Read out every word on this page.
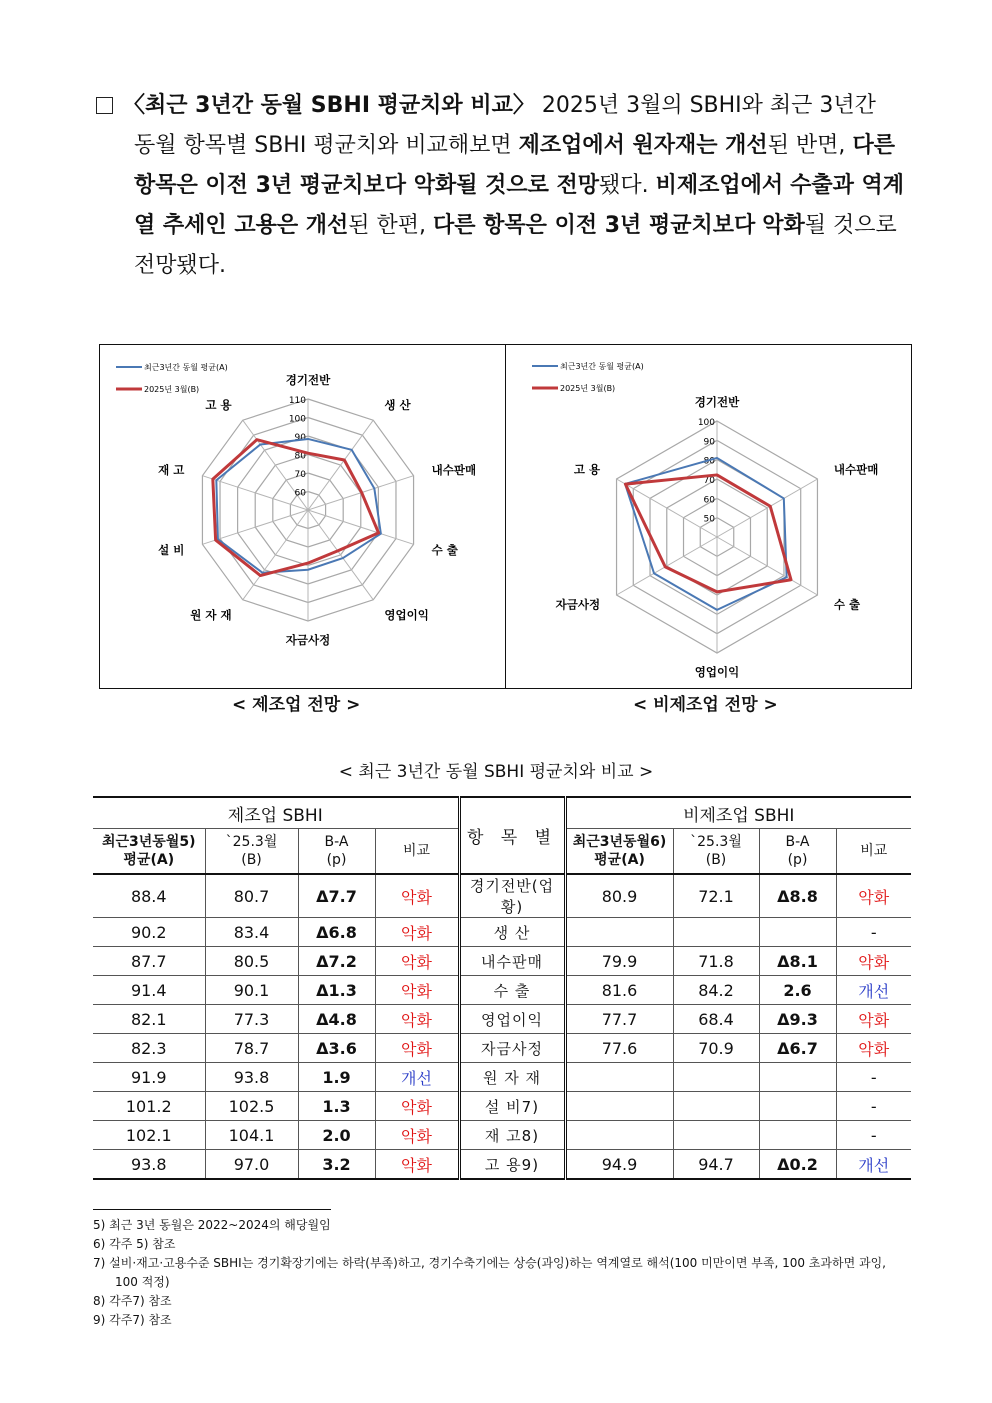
〈최근 3년간 동월 SBHI 평균치와 비교〉 2025년 3월의 SBHI와 최근 3년간
동월 항목별 SBHI 평균치와 비교해보면 제조업에서 원자재는 개선된 반면, 다른 항목은 이전 3년 평균치보다 악화될 것으로 전망됐다. 비제조업에서 수출과 역계열 추세인 고용은 개선된 한편, 다른 항목은 이전 3년 평균치보다 악화될 것으로 전망됐다.
60
70
80
90
100
110
경기전반
생 산
내수판매
수 출
영업이익
자금사정
원 자 재
설 비
재 고
고 용
최근3년간 동월 평균(A)
2025년 3월(B)
50
60
70
80
90
100
경기전반
내수판매
수 출
영업이익
자금사정
고 용
최근3년간 동월 평균(A)
2025년 3월(B)
< 제조업 전망 >	< 비제조업 전망 >
< 최근 3년간 동월 SBHI 평균치와 비교 >
제조업 SBHI				항 목 별	비제조업 SBHI			
최근3년동월5)
평균(A)	`25.3월
(B)	B-A
(p)	비교		최근3년동월6)
평균(A)	`25.3월
(B)	B-A
(p)	비교
88.4	80.7	Δ7.7	악화	경기전반(업황)	80.9	72.1	Δ8.8	악화
90.2	83.4	Δ6.8	악화	생 산				-
87.7	80.5	Δ7.2	악화	내수판매	79.9	71.8	Δ8.1	악화
91.4	90.1	Δ1.3	악화	수 출	81.6	84.2	2.6	개선
82.1	77.3	Δ4.8	악화	영업이익	77.7	68.4	Δ9.3	악화
82.3	78.7	Δ3.6	악화	자금사정	77.6	70.9	Δ6.7	악화
91.9	93.8	1.9	개선	원 자 재				-
101.2	102.5	1.3	악화	설 비7)				-
102.1	104.1	2.0	악화	재 고8)				-
93.8	97.0	3.2	악화	고 용9)	94.9	94.7	Δ0.2	개선
5) 최근 3년 동월은 2022~2024의 해당월임
6) 각주 5) 참조
7) 설비·재고·고용수준 SBHI는 경기확장기에는 하락(부족)하고, 경기수축기에는 상승(과잉)하는 역계열로 해석(100 미만이면 부족, 100 초과하면 과잉, 100 적정)
8) 각주7) 참조
9) 각주7) 참조
